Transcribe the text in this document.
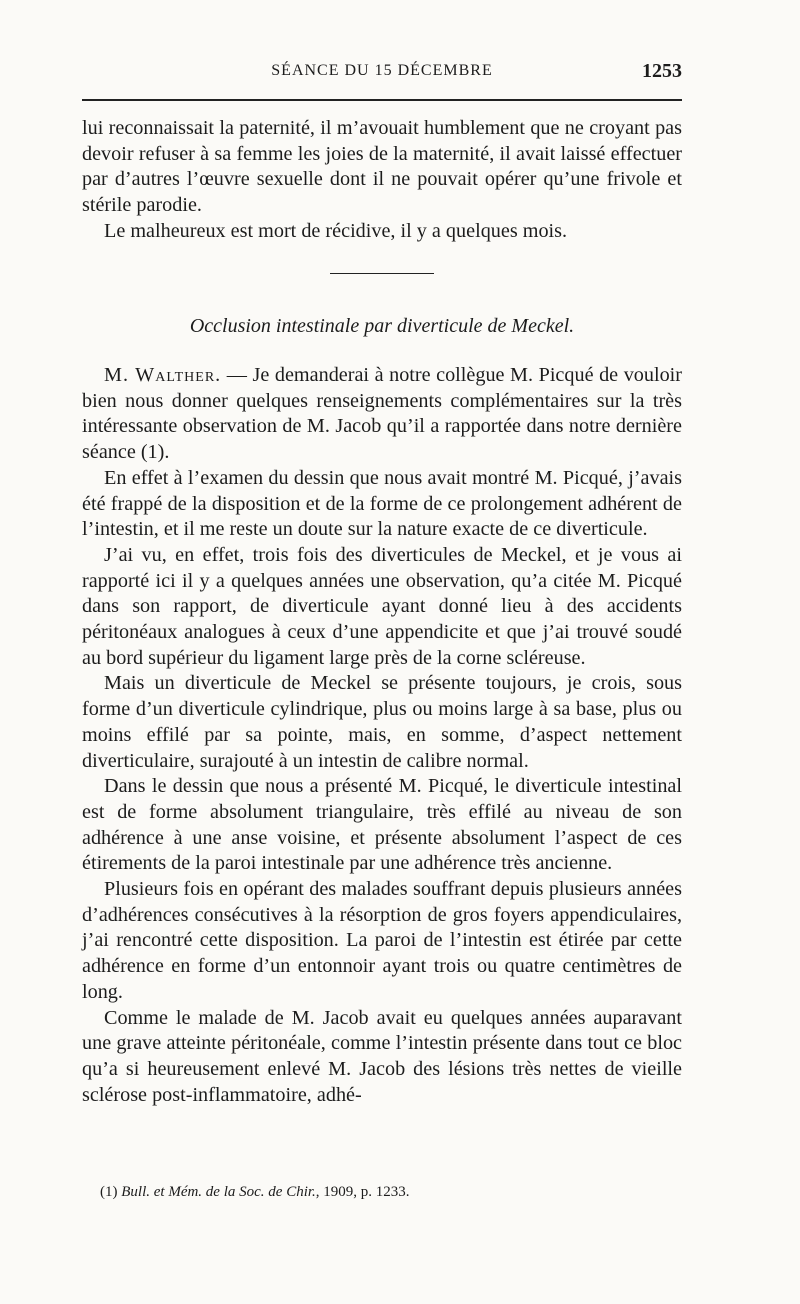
SÉANCE DU 15 DÉCEMBRE	1253

lui reconnaissait la paternité, il m’avouait humblement que ne croyant pas devoir refuser à sa femme les joies de la maternité, il avait laissé effectuer par d’autres l’œuvre sexuelle dont il ne pouvait opérer qu’une frivole et stérile parodie.

Le malheureux est mort de récidive, il y a quelques mois.

Occlusion intestinale par diverticule de Meckel.

M. Walther. — Je demanderai à notre collègue M. Picqué de vouloir bien nous donner quelques renseignements complémentaires sur la très intéressante observation de M. Jacob qu’il a rapportée dans notre dernière séance (1).

En effet à l’examen du dessin que nous avait montré M. Picqué, j’avais été frappé de la disposition et de la forme de ce prolongement adhérent de l’intestin, et il me reste un doute sur la nature exacte de ce diverticule.

J’ai vu, en effet, trois fois des diverticules de Meckel, et je vous ai rapporté ici il y a quelques années une observation, qu’a citée M. Picqué dans son rapport, de diverticule ayant donné lieu à des accidents péritonéaux analogues à ceux d’une appendicite et que j’ai trouvé soudé au bord supérieur du ligament large près de la corne scléreuse.

Mais un diverticule de Meckel se présente toujours, je crois, sous forme d’un diverticule cylindrique, plus ou moins large à sa base, plus ou moins effilé par sa pointe, mais, en somme, d’aspect nettement diverticulaire, surajouté à un intestin de calibre normal.

Dans le dessin que nous a présenté M. Picqué, le diverticule intestinal est de forme absolument triangulaire, très effilé au niveau de son adhérence à une anse voisine, et présente absolument l’aspect de ces étirements de la paroi intestinale par une adhérence très ancienne.

Plusieurs fois en opérant des malades souffrant depuis plusieurs années d’adhérences consécutives à la résorption de gros foyers appendiculaires, j’ai rencontré cette disposition. La paroi de l’intestin est étirée par cette adhérence en forme d’un entonnoir ayant trois ou quatre centimètres de long.

Comme le malade de M. Jacob avait eu quelques années auparavant une grave atteinte péritonéale, comme l’intestin présente dans tout ce bloc qu’a si heureusement enlevé M. Jacob des lésions très nettes de vieille sclérose post-inflammatoire, adhé-

(1) Bull. et Mém. de la Soc. de Chir., 1909, p. 1233.
